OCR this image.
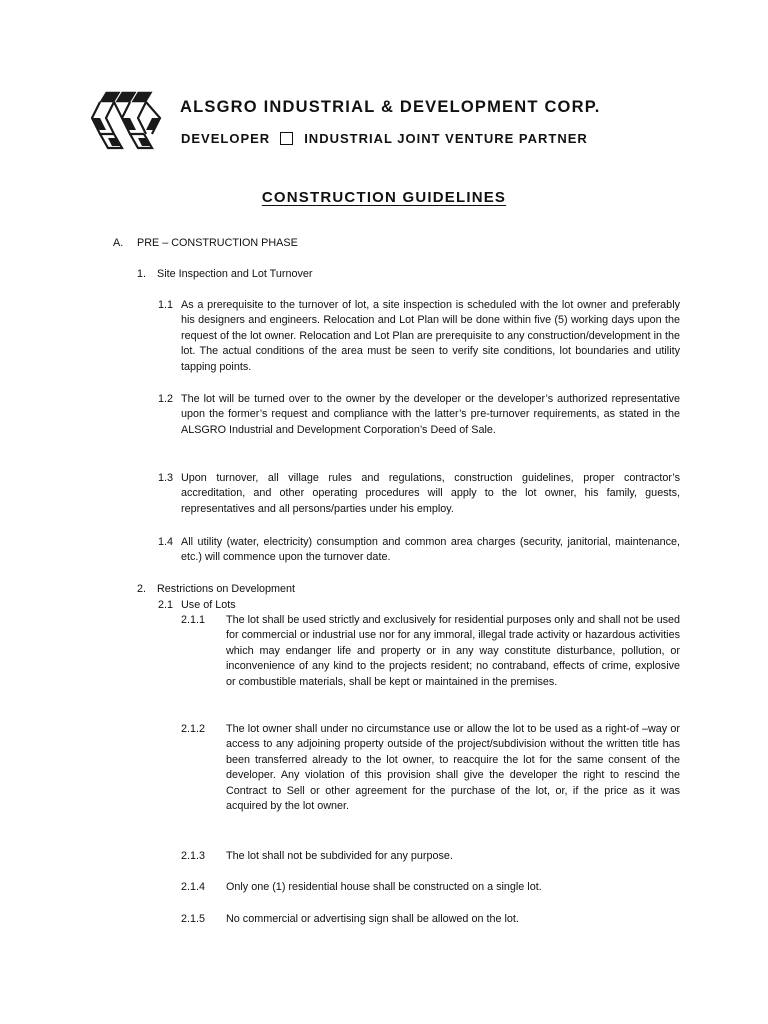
ALSGRO INDUSTRIAL & DEVELOPMENT CORP.
DEVELOPER	INDUSTRIAL JOINT VENTURE PARTNER
CONSTRUCTION GUIDELINES
A. PRE – CONSTRUCTION PHASE
1. Site Inspection and Lot Turnover
1.1 As a prerequisite to the turnover of lot, a site inspection is scheduled with the lot owner and preferably his designers and engineers. Relocation and Lot Plan will be done within five (5) working days upon the request of the lot owner. Relocation and Lot Plan are prerequisite to any construction/development in the lot. The actual conditions of the area must be seen to verify site conditions, lot boundaries and utility tapping points.
1.2 The lot will be turned over to the owner by the developer or the developer’s authorized representative upon the former’s request and compliance with the latter’s pre-turnover requirements, as stated in the ALSGRO Industrial and Development Corporation’s Deed of Sale.
1.3 Upon turnover, all village rules and regulations, construction guidelines, proper contractor’s accreditation, and other operating procedures will apply to the lot owner, his family, guests, representatives and all persons/parties under his employ.
1.4 All utility (water, electricity) consumption and common area charges (security, janitorial, maintenance, etc.) will commence upon the turnover date.
2. Restrictions on Development
2.1 Use of Lots
2.1.1 The lot shall be used strictly and exclusively for residential purposes only and shall not be used for commercial or industrial use nor for any immoral, illegal trade activity or hazardous activities which may endanger life and property or in any way constitute disturbance, pollution, or inconvenience of any kind to the projects resident; no contraband, effects of crime, explosive or combustible materials, shall be kept or maintained in the premises.
2.1.2 The lot owner shall under no circumstance use or allow the lot to be used as a right-of –way or access to any adjoining property outside of the project/subdivision without the written title has been transferred already to the lot owner, to reacquire the lot for the same consent of the developer. Any violation of this provision shall give the developer the right to rescind the Contract to Sell or other agreement for the purchase of the lot, or, if the price as it was acquired by the lot owner.
2.1.3 The lot shall not be subdivided for any purpose.
2.1.4 Only one (1) residential house shall be constructed on a single lot.
2.1.5 No commercial or advertising sign shall be allowed on the lot.
